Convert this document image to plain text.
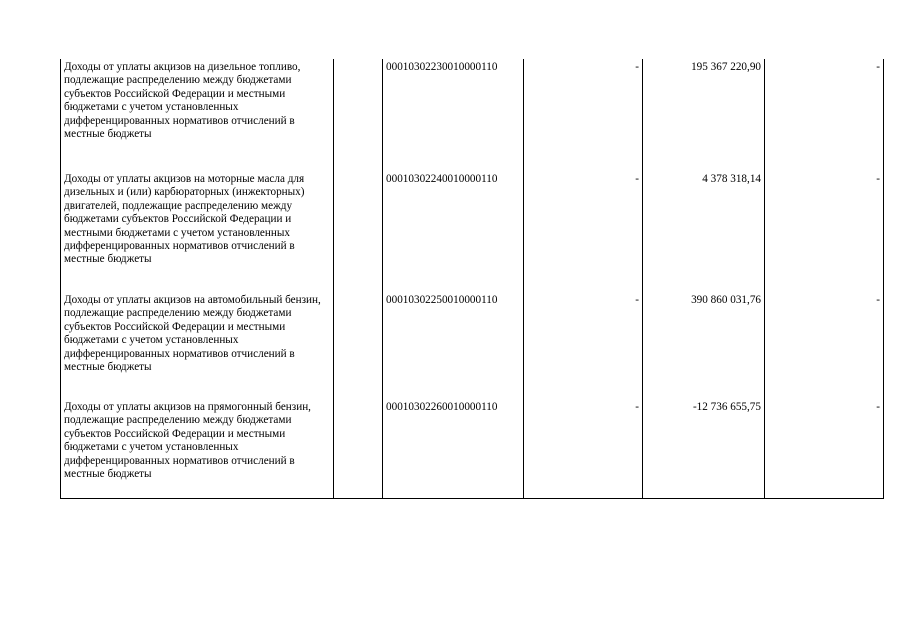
Доходы от уплаты акцизов на дизельное топливо, подлежащие распределению между бюджетами субъектов Российской Федерации и местными бюджетами с учетом установленных дифференцированных нормативов отчислений в местные бюджеты		00010302230010000110	-	195 367 220,90	-
Доходы от уплаты акцизов на моторные масла для дизельных и (или) карбюраторных (инжекторных) двигателей, подлежащие распределению между бюджетами субъектов Российской Федерации и местными бюджетами с учетом установленных дифференцированных нормативов отчислений в местные бюджеты		00010302240010000110	-	4 378 318,14	-
Доходы от уплаты акцизов на автомобильный бензин, подлежащие распределению между бюджетами субъектов Российской Федерации и местными бюджетами с учетом установленных дифференцированных нормативов отчислений в местные бюджеты		00010302250010000110	-	390 860 031,76	-
Доходы от уплаты акцизов на прямогонный бензин, подлежащие распределению между бюджетами субъектов Российской Федерации и местными бюджетами с учетом установленных дифференцированных нормативов отчислений в местные бюджеты		00010302260010000110	-	-12 736 655,75	-
